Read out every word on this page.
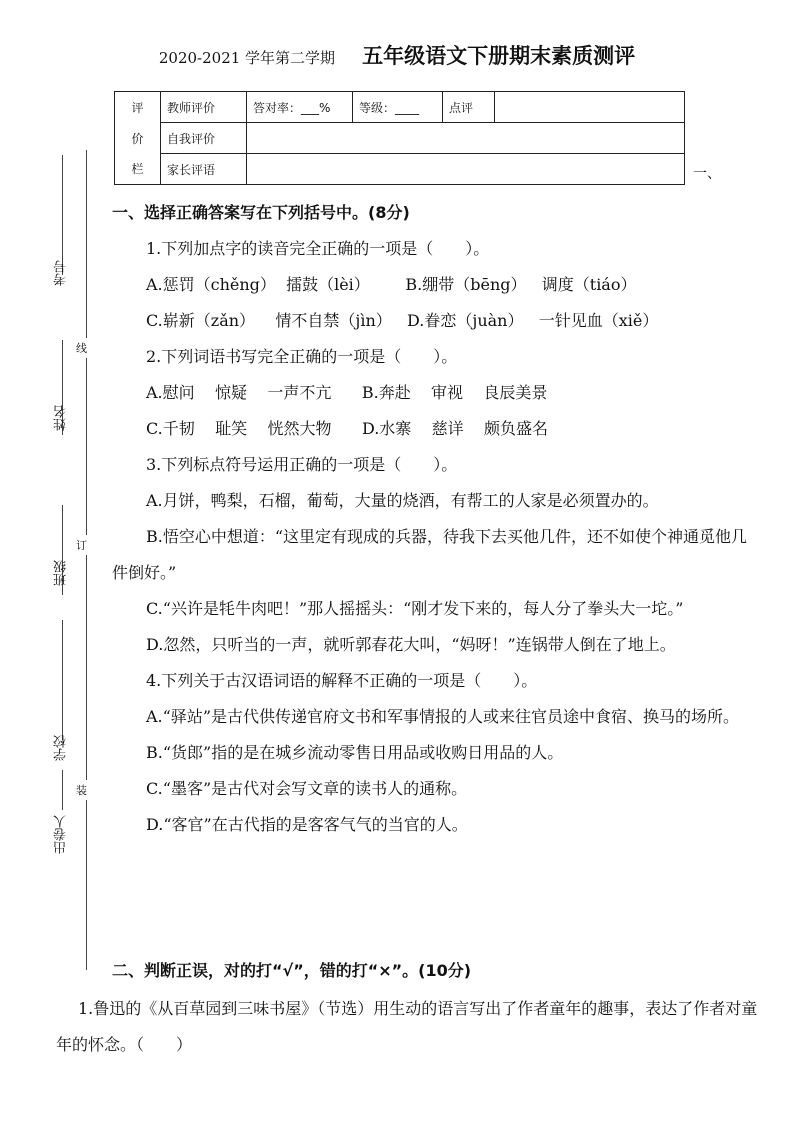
2020-2021 学年第二学期 五年级语文下册期末素质测评
评	教师评价	答对率：___%	等级：____	点评	
价	自我评价				
栏	家长评语					一、
考号
姓名
班级
学校
出卷人
线
订
装
一、选择正确答案写在下列括号中。(8分)
1.下列加点字的读音完全正确的一项是（　　）。
A.惩罚（chěng）  擂鼓（lèi）       B.绷带（bēng）   调度（tiáo）
C.崭新（zǎn）    情不自禁（jìn）   D.眷恋（juàn）   一针见血（xiě）
2.下列词语书写完全正确的一项是（　　）。
A.慰问    惊疑    一声不亢      B.奔赴    审视    良辰美景
C.千韧    耻笑    恍然大物      D.水寨    慈详    颇负盛名
3.下列标点符号运用正确的一项是（　　）。
A.月饼，鸭梨，石榴，葡萄，大量的烧酒，有帮工的人家是必须置办的。
B.悟空心中想道：“这里定有现成的兵器，待我下去买他几件，还不如使个神通觅他几件倒好。”
C.“兴许是牦牛肉吧！”那人摇摇头：“刚才发下来的，每人分了拳头大一坨。”
D.忽然，只听当的一声，就听郭春花大叫，“妈呀！”连锅带人倒在了地上。
4.下列关于古汉语词语的解释不正确的一项是（　　）。
A.“驿站”是古代供传递官府文书和军事情报的人或来往官员途中食宿、换马的场所。
B.“货郎”指的是在城乡流动零售日用品或收购日用品的人。
C.“墨客”是古代对会写文章的读书人的通称。
D.“客官”在古代指的是客客气气的当官的人。
二、判断正误，对的打“√”，错的打“×”。(10分)
1.鲁迅的《从百草园到三味书屋》（节选）用生动的语言写出了作者童年的趣事，表达了作者对童年的怀念。（　　）
